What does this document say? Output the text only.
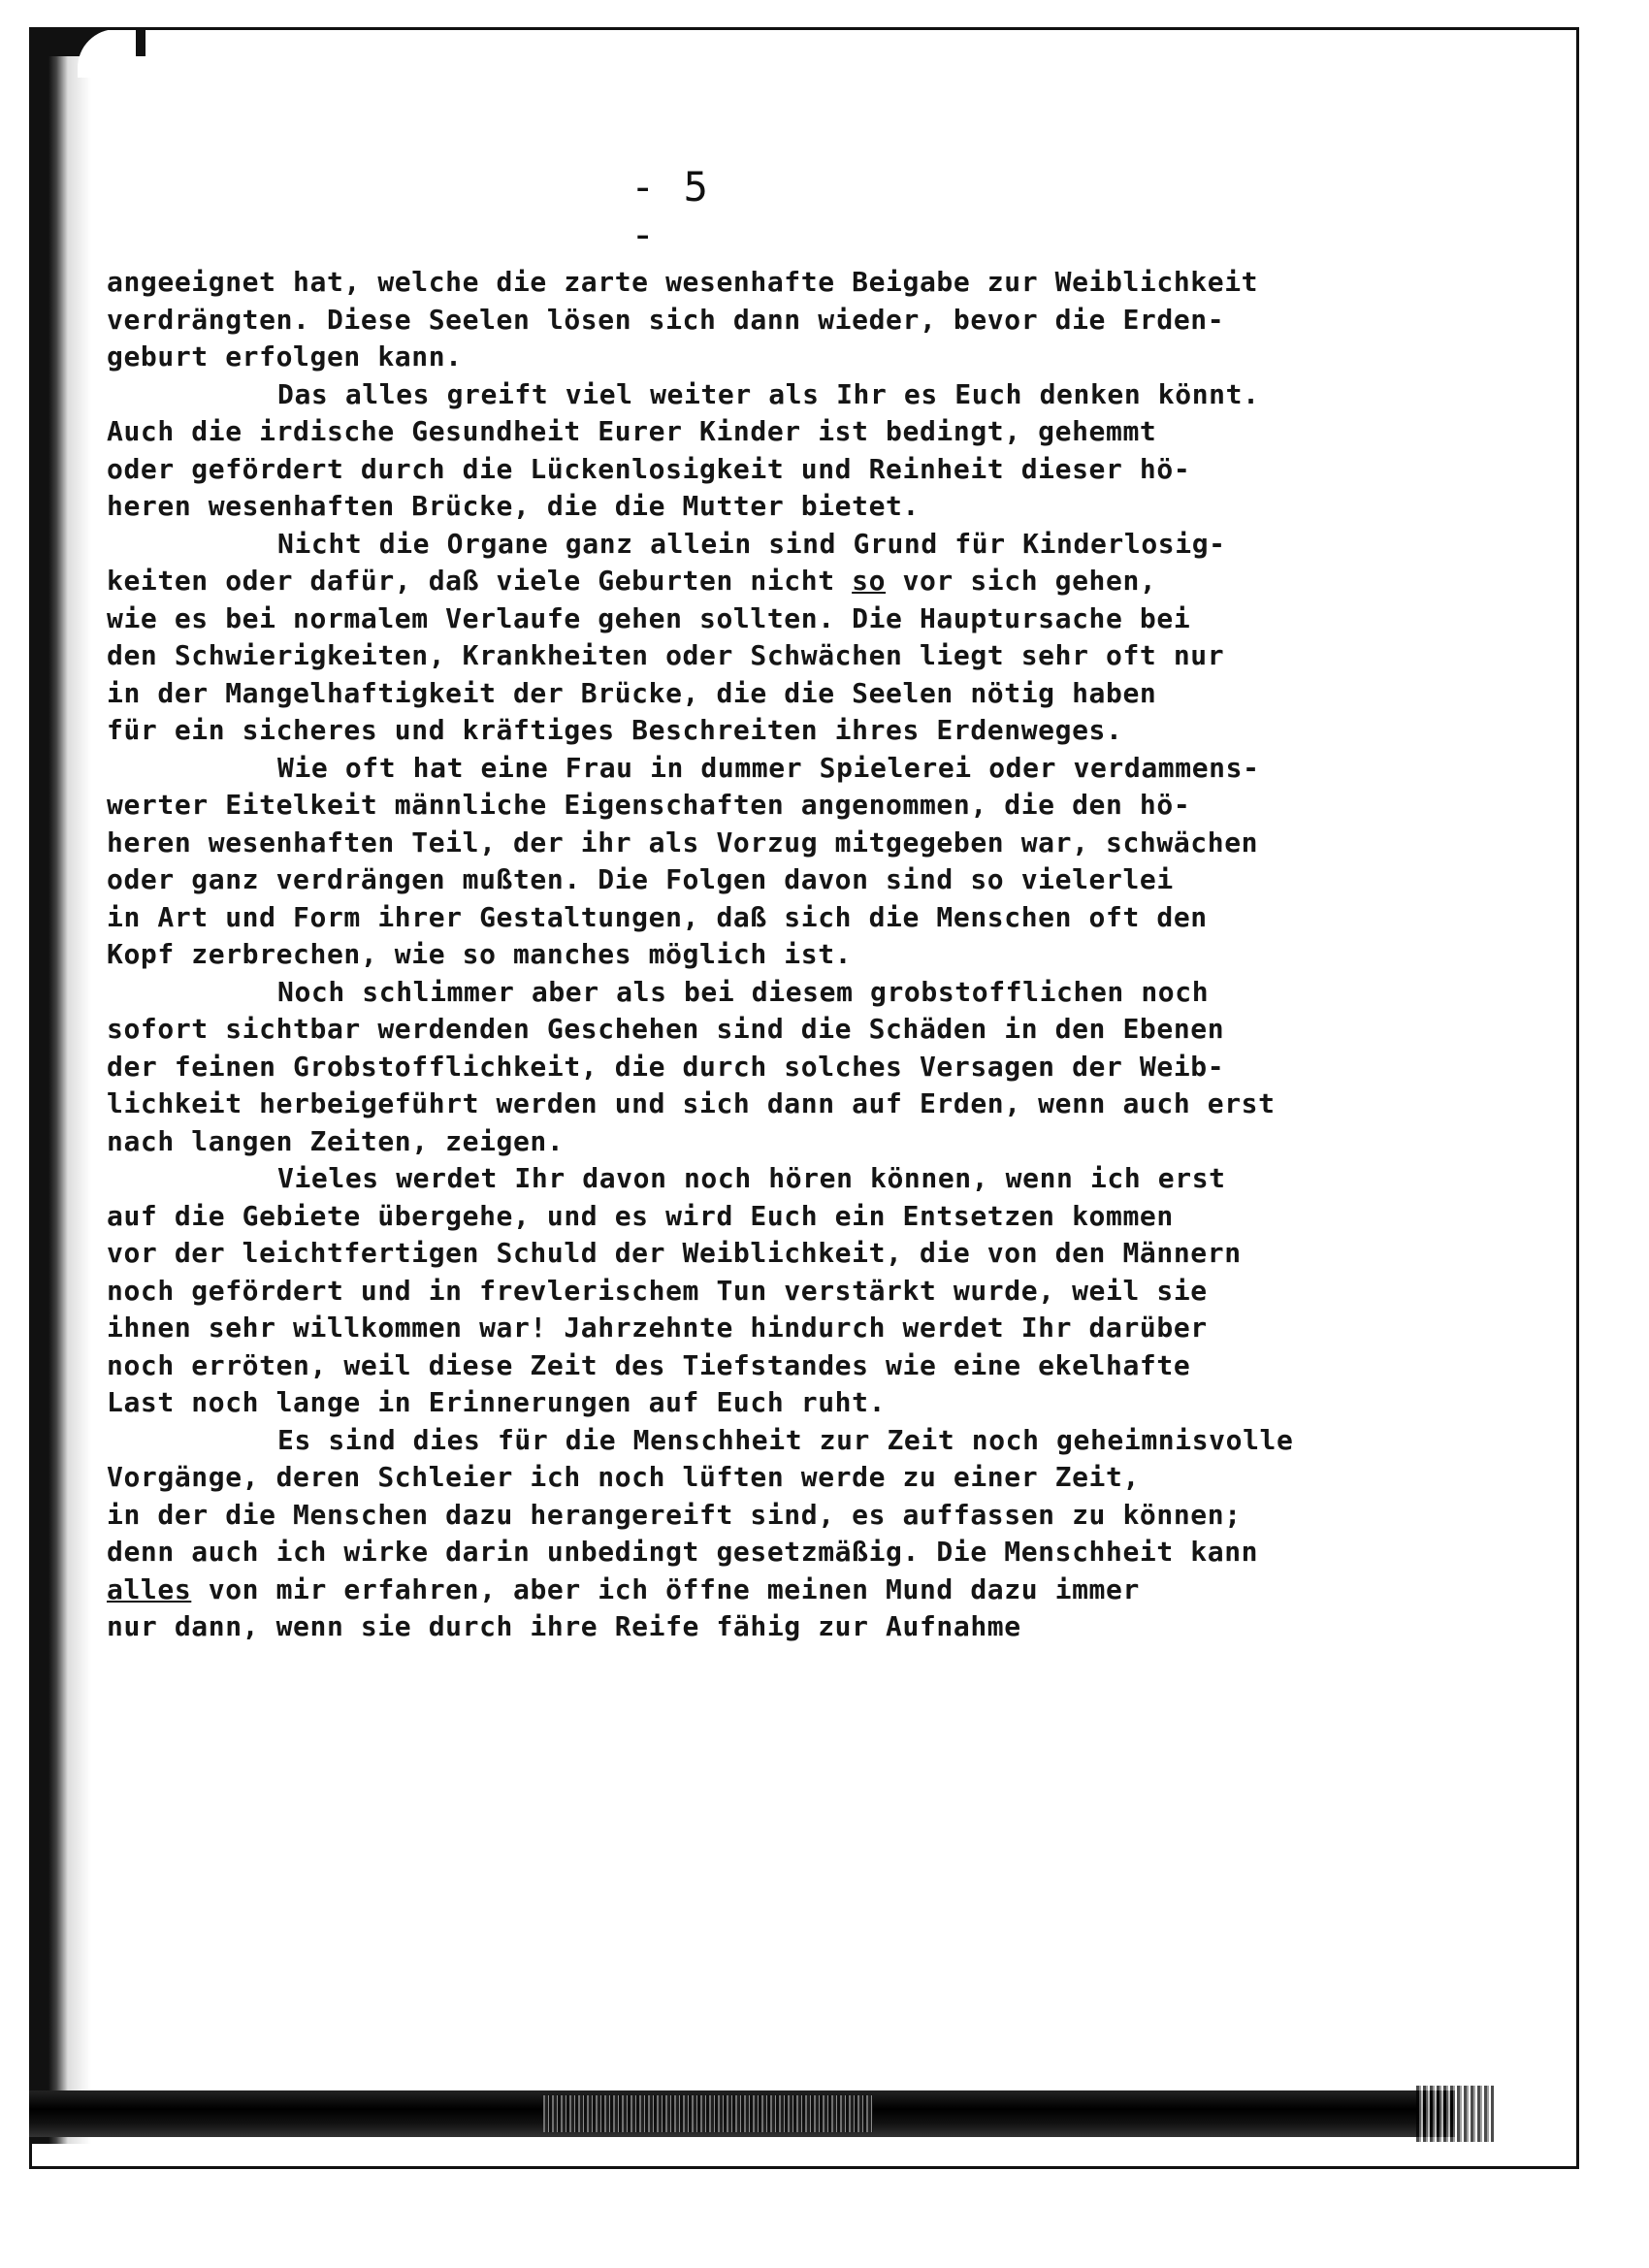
- 5 -
angeeignet hat, welche die zarte wesenhafte Beigabe zur Weiblichkeit
verdrängten. Diese Seelen lösen sich dann wieder, bevor die Erden-
geburt erfolgen kann.
Das alles greift viel weiter als Ihr es Euch denken könnt.
Auch die irdische Gesundheit Eurer Kinder ist bedingt, gehemmt
oder gefördert durch die Lückenlosigkeit und Reinheit dieser hö-
heren wesenhaften Brücke, die die Mutter bietet.
Nicht die Organe ganz allein sind Grund für Kinderlosig-
keiten oder dafür, daß viele Geburten nicht so vor sich gehen,
wie es bei normalem Verlaufe gehen sollten. Die Hauptursache bei
den Schwierigkeiten, Krankheiten oder Schwächen liegt sehr oft nur
in der Mangelhaftigkeit der Brücke, die die Seelen nötig haben
für ein sicheres und kräftiges Beschreiten ihres Erdenweges.
Wie oft hat eine Frau in dummer Spielerei oder verdammens-
werter Eitelkeit männliche Eigenschaften angenommen, die den hö-
heren wesenhaften Teil, der ihr als Vorzug mitgegeben war, schwächen
oder ganz verdrängen mußten. Die Folgen davon sind so vielerlei
in Art und Form ihrer Gestaltungen, daß sich die Menschen oft den
Kopf zerbrechen, wie so manches möglich ist.
Noch schlimmer aber als bei diesem grobstofflichen noch
sofort sichtbar werdenden Geschehen sind die Schäden in den Ebenen
der feinen Grobstofflichkeit, die durch solches Versagen der Weib-
lichkeit herbeigeführt werden und sich dann auf Erden, wenn auch erst
nach langen Zeiten, zeigen.
Vieles werdet Ihr davon noch hören können, wenn ich erst
auf die Gebiete übergehe, und es wird Euch ein Entsetzen kommen
vor der leichtfertigen Schuld der Weiblichkeit, die von den Männern
noch gefördert und in frevlerischem Tun verstärkt wurde, weil sie
ihnen sehr willkommen war! Jahrzehnte hindurch werdet Ihr darüber
noch erröten, weil diese Zeit des Tiefstandes wie eine ekelhafte
Last noch lange in Erinnerungen auf Euch ruht.
Es sind dies für die Menschheit zur Zeit noch geheimnisvolle
Vorgänge, deren Schleier ich noch lüften werde zu einer Zeit,
in der die Menschen dazu herangereift sind, es auffassen zu können;
denn auch ich wirke darin unbedingt gesetzmäßig. Die Menschheit kann
alles von mir erfahren, aber ich öffne meinen Mund dazu immer
nur dann, wenn sie durch ihre Reife fähig zur Aufnahme
